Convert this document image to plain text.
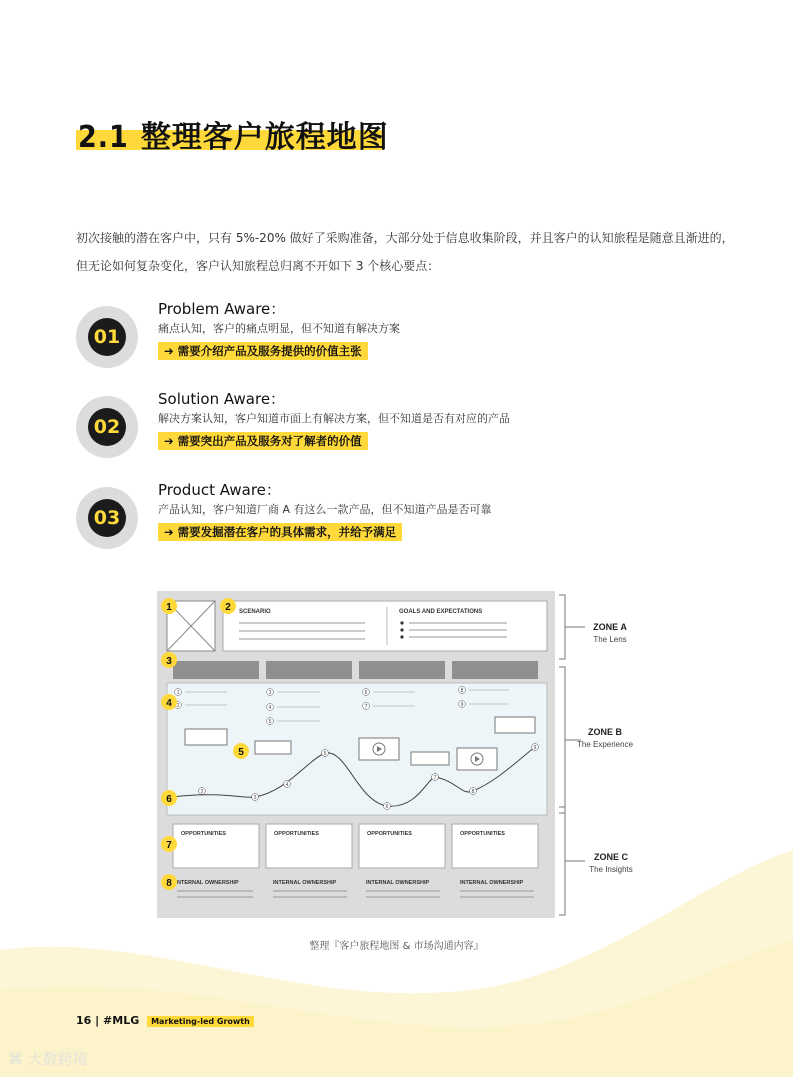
2.1 整理客户旅程地图

初次接触的潜在客户中，只有 5%-20% 做好了采购准备，大部分处于信息收集阶段，并且客户的认知旅程是随意且渐进的，
但无论如何复杂变化，客户认知旅程总归离不开如下 3 个核心要点：

01
Problem Aware：
痛点认知，客户的痛点明显，但不知道有解决方案
➔ 需要介绍产品及服务提供的价值主张
02
Solution Aware：
解决方案认知，客户知道市面上有解决方案，但不知道是否有对应的产品
➔ 需要突出产品及服务对了解者的价值
03
Product Aware：
产品认知，客户知道厂商 A 有这么一款产品，但不知道产品是否可靠
➔ 需要发掘潜在客户的具体需求，并给予满足
SCENARIO	GOALS AND EXPECTATIONS
1
2
3
4
5
6
7
8
9
2
3
4
5
6
7
8
9
OPPORTUNITIES	OPPORTUNITIES	OPPORTUNITIES	OPPORTUNITIES
NTERNAL OWNERSHIP	INTERNAL OWNERSHIP	INTERNAL OWNERSHIP	INTERNAL OWNERSHIP
1	2
3
4
5
6
7
8
ZONE A
ZONE B
ZONE C
The Lens
The Experience
The Insights
整理『客户旅程地图 & 市场沟通内容』
16 | #MLG Marketing-led Growth
⌘ 大数跨境
